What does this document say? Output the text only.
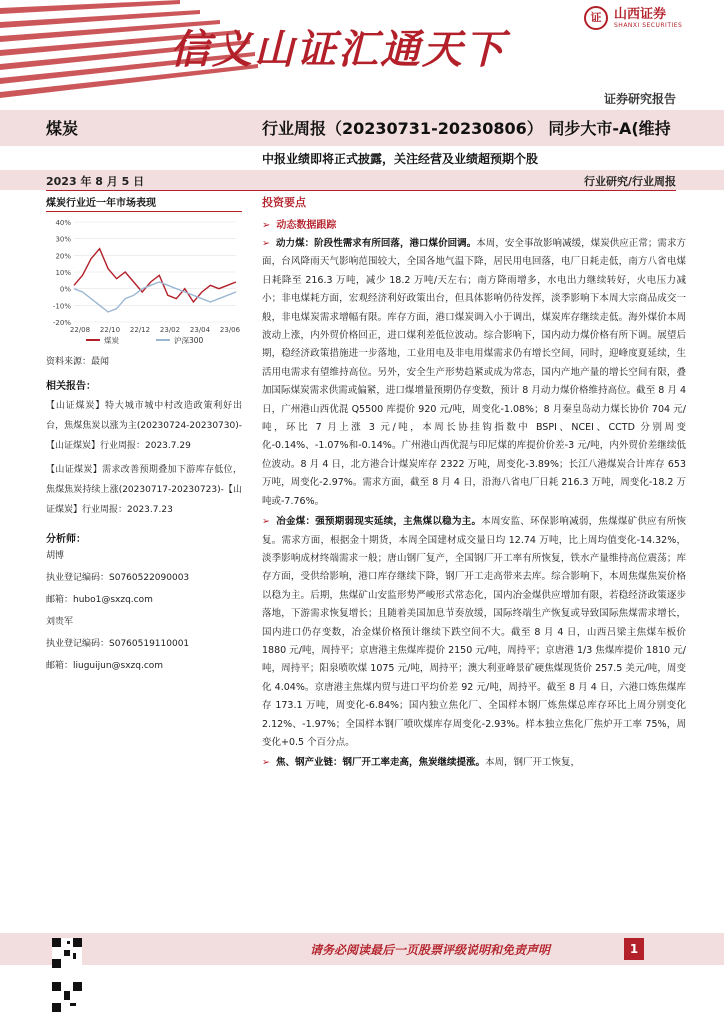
信义山证汇通天下
证 山西证券
SHANXI SECURITIES
证券研究报告
煤炭	行业周报（20230731-20230806） 同步大市-A(维持
中报业绩即将正式披露，关注经营及业绩超预期个股
2023 年 8 月 5 日	行业研究/行业周报
煤炭行业近一年市场表现
40%
30%
20%
10%
0%
-10%
-20%
22/08 22/10 22/12 23/02 23/04 23/06
煤炭	沪深300
资料来源：最闻
相关报告：
【山证煤炭】特大城市城中村改造政策利好出台，焦煤焦炭以涨为主(20230724-20230730)-【山证煤炭】行业周报：2023.7.29
【山证煤炭】需求改善预期叠加下游库存低位，焦煤焦炭持续上涨(20230717-20230723)-【山证煤炭】行业周报：2023.7.23
分析师：
胡博
执业登记编码：S0760522090003
邮箱：hubo1@sxzq.com
刘贵军
执业登记编码：S0760519110001
邮箱：liuguijun@sxzq.com
投资要点
➢ 动态数据跟踪
➢ 动力煤：阶段性需求有所回落，港口煤价回调。本周，安全事故影响减缓，煤炭供应正常；需求方面，台风降雨天气影响范围较大，全国各地气温下降，居民用电回落，电厂日耗走低，南方八省电煤日耗降至 216.3 万吨，减少 18.2 万吨/天左右；南方降雨增多，水电出力继续转好，火电压力减小；非电煤耗方面，宏观经济利好政策出台，但具体影响仍待发挥，淡季影响下本周大宗商品成交一般，非电煤炭需求增幅有限。库存方面，港口煤炭调入小于调出，煤炭库存继续走低。海外煤价本周波动上涨，内外贸价格回正，进口煤利差低位波动。综合影响下，国内动力煤价格有所下调。展望后期，稳经济政策措施进一步落地，工业用电及非电用煤需求仍有增长空间，同时，迎峰度夏延续，生活用电需求有望维持高位。另外，安全生产形势趋紧或成为常态，国内产地产量的增长空间有限，叠加国际煤炭需求供需或偏紧，进口煤增量预期仍存变数，预计 8 月动力煤价格维持高位。截至 8 月 4 日，广州港山西优混 Q5500 库提价 920 元/吨，周变化-1.08%；8 月秦皇岛动力煤长协价 704 元/吨，环比 7 月上涨 3 元/吨，本周长协挂钩指数中 BSPI、NCEI、CCTD 分别周变化-0.14%、-1.07%和-0.14%。广州港山西优混与印尼煤的库提价价差-3 元/吨，内外贸价差继续低位波动。8 月 4 日，北方港合计煤炭库存 2322 万吨，周变化-3.89%；长江八港煤炭合计库存 653 万吨，周变化-2.97%。需求方面，截至 8 月 4 日，沿海八省电厂日耗 216.3 万吨，周变化-18.2 万吨或-7.76%。
➢ 冶金煤：强预期弱现实延续，主焦煤以稳为主。本周安监、环保影响减弱，焦煤煤矿供应有所恢复。需求方面，根据金十期货，本周全国建材成交量日均 12.74 万吨，比上周均值变化-14.32%，淡季影响成材终端需求一般；唐山钢厂复产，全国钢厂开工率有所恢复，铁水产量维持高位震荡；库存方面，受供给影响，港口库存继续下降，钢厂开工走高带来去库。综合影响下，本周焦煤焦炭价格以稳为主。后期，焦煤矿山安监形势严峻形式常态化，国内冶金煤供应增加有限，若稳经济政策逐步落地，下游需求恢复增长；且随着美国加息节奏放缓，国际终端生产恢复或导致国际焦煤需求增长，国内进口仍存变数，冶金煤价格预计继续下跌空间不大。截至 8 月 4 日，山西吕梁主焦煤车板价 1880 元/吨，周持平；京唐港主焦煤库提价 2150 元/吨，周持平；京唐港 1/3 焦煤库提价 1810 元/吨，周持平；阳泉喷吹煤 1075 元/吨，周持平；澳大利亚峰景矿硬焦煤现货价 257.5 美元/吨，周变化 4.04%。京唐港主焦煤内贸与进口平均价差 92 元/吨，周持平。截至 8 月 4 日，六港口炼焦煤库存 173.1 万吨，周变化-6.84%；国内独立焦化厂、全国样本钢厂炼焦煤总库存环比上周分别变化 2.12%、-1.97%；全国样本钢厂喷吹煤库存周变化-2.93%。样本独立焦化厂焦炉开工率 75%，周变化+0.5 个百分点。
➢ 焦、钢产业链：钢厂开工率走高，焦炭继续提涨。本周，钢厂开工恢复，
请务必阅读最后一页股票评级说明和免责声明	1
